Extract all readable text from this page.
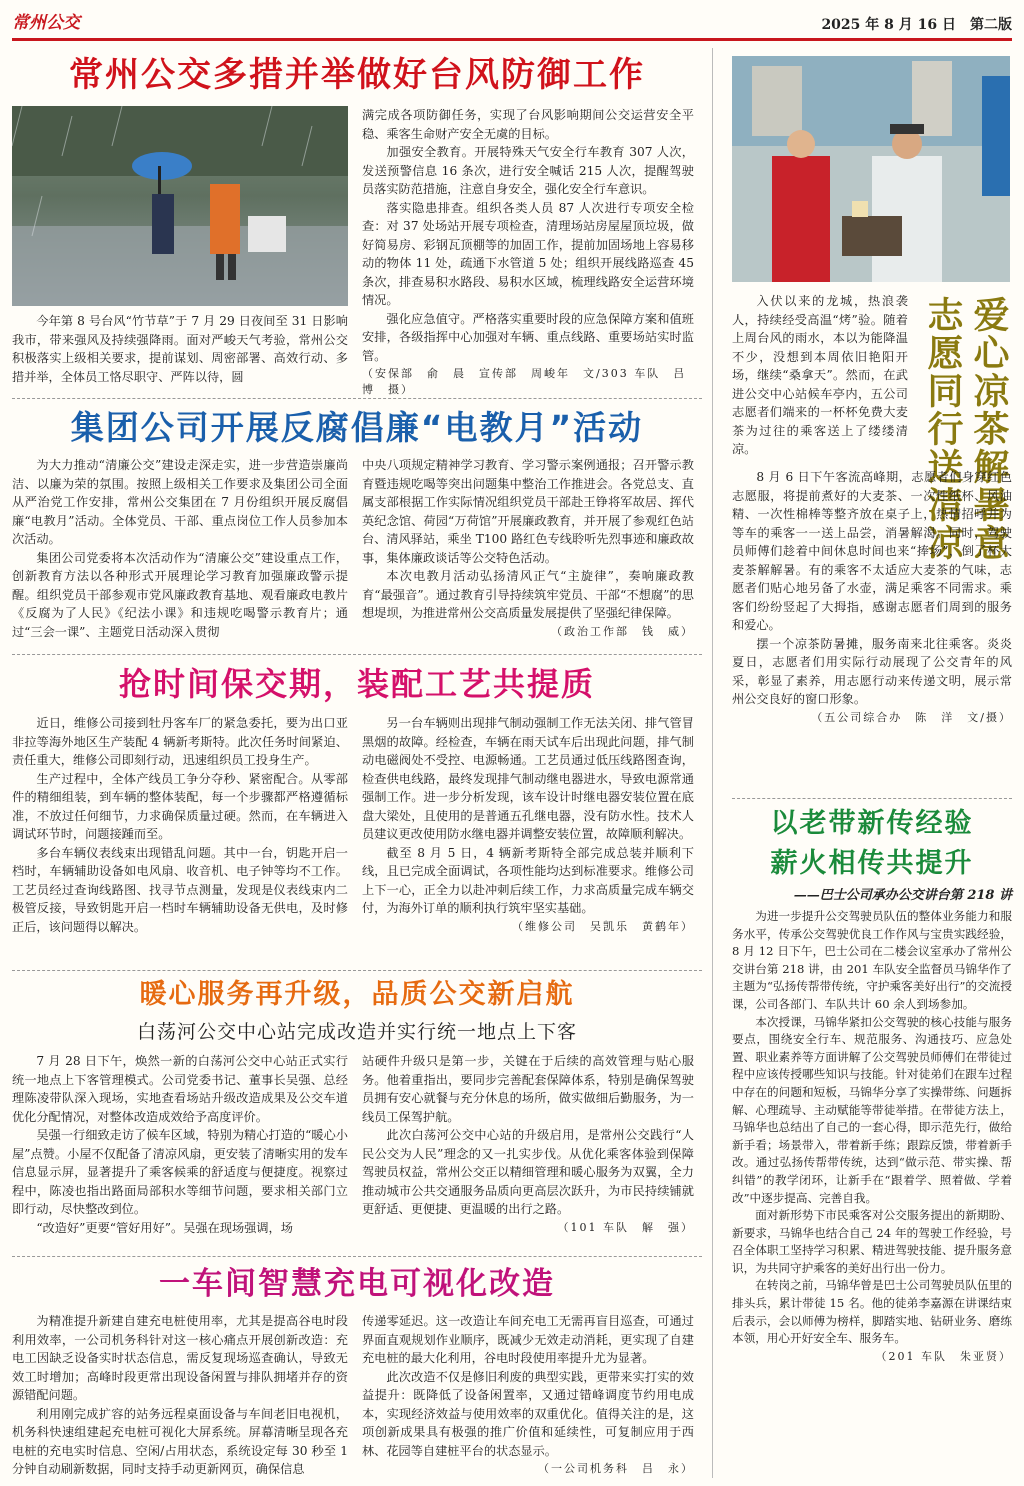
常州公交	2025 年 8 月 16 日　第二版
常州公交多措并举做好台风防御工作

今年第 8 号台风“竹节草”于 7 月 29 日夜间至 31 日影响我市，带来强风及持续强降雨。面对严峻天气考验，常州公交积极落实上级相关要求，提前谋划、周密部署、高效行动、多措并举，全体员工恪尽职守、严阵以待，圆

满完成各项防御任务，实现了台风影响期间公交运营安全平稳、乘客生命财产安全无虞的目标。

加强安全教育。开展特殊天气安全行车教育 307 人次，发送预警信息 16 条次，进行安全喊话 215 人次，提醒驾驶员落实防范措施，注意自身安全，强化安全行车意识。

落实隐患排查。组织各类人员 87 人次进行专项安全检查：对 37 处场站开展专项检查，清理场站房屋屋顶垃圾，做好简易房、彩钢瓦顶棚等的加固工作，提前加固场地上容易移动的物体 11 处，疏通下水管道 5 处；组织开展线路巡查 45 条次，排查易积水路段、易积水区域，梳理线路安全运营环境情况。

强化应急值守。严格落实重要时段的应急保障方案和值班安排，各级指挥中心加强对车辆、重点线路、重要场站实时监管。

（安保部　俞　晨　宣传部　周峻年　文/303 车队　吕　博　摄）

集团公司开展反腐倡廉“电教月”活动

为大力推动“清廉公交”建设走深走实，进一步营造崇廉尚洁、以廉为荣的氛围。按照上级相关工作要求及集团公司全面从严治党工作安排，常州公交集团在 7 月份组织开展反腐倡廉“电教月”活动。全体党员、干部、重点岗位工作人员参加本次活动。

集团公司党委将本次活动作为“清廉公交”建设重点工作，创新教育方法以各种形式开展理论学习教育加强廉政警示提醒。组织党员干部参观市党风廉政教育基地、观看廉政电教片《反腐为了人民》《纪法小课》和违规吃喝警示教育片；通过“三会一课”、主题党日活动深入贯彻

中央八项规定精神学习教育、学习警示案例通报；召开警示教育暨违规吃喝等突出问题集中整治工作推进会。各党总支、直属支部根据工作实际情况组织党员干部赴王铮将军故居、挥代英纪念馆、荷园“万荷馆”开展廉政教育，并开展了参观红色站台、清风驿站，乘坐 T100 路红色专线聆听先烈事迹和廉政故事，集体廉政谈话等公交特色活动。

本次电教月活动弘扬清风正气“主旋律”，奏响廉政教育“最强音”。通过教育引导持续筑牢党员、干部“不想腐”的思想堤坝，为推进常州公交高质量发展提供了坚强纪律保障。

（政治工作部　钱　威）

抢时间保交期，装配工艺共提质

近日，维修公司接到牡丹客车厂的紧急委托，要为出口亚非拉等海外地区生产装配 4 辆新考斯特。此次任务时间紧迫、责任重大，维修公司即刻行动，迅速组织员工投身生产。

生产过程中，全体产线员工争分夺秒、紧密配合。从零部件的精细组装，到车辆的整体装配，每一个步骤都严格遵循标准，不放过任何细节，力求确保质量过硬。然而，在车辆进入调试环节时，问题接踵而至。

多台车辆仪表线束出现错乱问题。其中一台，钥匙开启一档时，车辆辅助设备如电风扇、收音机、电子钟等均不工作。工艺员经过查询线路图、找寻节点测量，发现是仪表线束内二极管反接，导致钥匙开启一档时车辆辅助设备无供电，及时修正后，该问题得以解决。

另一台车辆则出现排气制动强制工作无法关闭、排气管冒黑烟的故障。经检查，车辆在雨天试车后出现此问题，排气制动电磁阀处不受控、电源畅通。工艺员通过低压线路图查询，检查供电线路，最终发现排气制动继电器进水，导致电源常通强制工作。进一步分析发现，该车设计时继电器安装位置在底盘大梁处，且使用的是普通五孔继电器，没有防水性。技术人员建议更改使用防水继电器并调整安装位置，故障顺利解决。

截至 8 月 5 日，4 辆新考斯特全部完成总装并顺利下线，且已完成全面调试，各项性能均达到标准要求。维修公司上下一心，正全力以赴冲刺后续工作，力求高质量完成车辆交付，为海外订单的顺利执行筑牢坚实基础。

（维修公司　吴凯乐　黄鹤年）

暖心服务再升级，品质公交新启航
白荡河公交中心站完成改造并实行统一地点上下客

7 月 28 日下午，焕然一新的白荡河公交中心站正式实行统一地点上下客管理模式。公司党委书记、董事长吴强、总经理陈凌带队深入现场，实地查看场站升级改造成果及公交车道优化分配情况，对整体改造成效给予高度评价。

吴强一行细致走访了候车区域，特别为精心打造的“暖心小屋”点赞。小屋不仅配备了清凉风扇，更安装了清晰实用的发车信息显示屏，显著提升了乘客候乘的舒适度与便捷度。视察过程中，陈凌也指出路面局部积水等细节问题，要求相关部门立即行动，尽快整改到位。

“改造好”更要“管好用好”。吴强在现场强调，场

站硬件升级只是第一步，关键在于后续的高效管理与贴心服务。他着重指出，要同步完善配套保障体系，特别是确保驾驶员拥有安心就餐与充分休息的场所，做实做细后勤服务，为一线员工保驾护航。

此次白荡河公交中心站的升级启用，是常州公交践行“人民公交为人民”理念的又一扎实步伐。从优化乘客体验到保障驾驶员权益，常州公交正以精细管理和暖心服务为双翼，全力推动城市公共交通服务品质向更高层次跃升，为市民持续铺就更舒适、更便捷、更温暖的出行之路。

（101 车队　解　强）

一车间智慧充电可视化改造

为精准提升新建自建充电桩使用率，尤其是提高谷电时段利用效率，一公司机务科针对这一核心痛点开展创新改造：充电工因缺乏设备实时状态信息，需反复现场巡查确认，导致无效工时增加；高峰时段更常出现设备闲置与排队拥堵并存的资源错配问题。

利用刚完成扩容的站务远程桌面设备与车间老旧电视机，机务科快速组建起充电桩可视化大屏系统。屏幕清晰呈现各充电桩的充电实时信息、空闲/占用状态，系统设定每 30 秒至 1 分钟自动刷新数据，同时支持手动更新网页，确保信息

传递零延迟。这一改造让车间充电工无需再盲目巡查，可通过界面直观规划作业顺序，既减少无效走动消耗，更实现了自建充电桩的最大化利用，谷电时段使用率提升尤为显著。

此次改造不仅是修旧利废的典型实践，更带来实打实的效益提升：既降低了设备闲置率，又通过错峰调度节约用电成本，实现经济效益与使用效率的双重优化。值得关注的是，这项创新成果具有极强的推广价值和延续性，可复制应用于西林、花园等自建桩平台的状态显示。

（一公司机务科　吕　永）

入伏以来的龙城，热浪袭人，持续经受高温“烤”验。随着上周台风的雨水，本以为能降温不少，没想到本周依旧艳阳开场，继续“桑拿天”。然而，在武进公交中心站候车亭内，五公司志愿者们端来的一杯杯免费大麦茶为过往的乘客送上了缕缕清凉。	爱心凉茶解暑意
志愿同行送清凉

8 月 6 日下午客流高峰期，志愿者们身穿红色志愿服，将提前煮好的大麦茶、一次性纸杯、风油精、一次性棉棒等整齐放在桌子上，热情招呼并为等车的乘客一一送上品尝，消暑解渴。同时，驾驶员师傅们趁着中间休息时间也来“捧场”，倒了杯大麦茶解解暑。有的乘客不太适应大麦茶的气味，志愿者们贴心地另备了水壶，满足乘客不同需求。乘客们纷纷竖起了大拇指，感谢志愿者们周到的服务和爱心。

摆一个凉茶防暑摊，服务南来北往乘客。炎炎夏日，志愿者们用实际行动展现了公交青年的风采，彰显了素养，用志愿行动来传递文明，展示常州公交良好的窗口形象。

（五公司综合办　陈　洋　文/摄）

以老带新传经验
薪火相传共提升
——巴士公司承办公交讲台第 218 讲

为进一步提升公交驾驶员队伍的整体业务能力和服务水平，传承公交驾驶优良工作作风与宝贵实践经验，8 月 12 日下午，巴士公司在二楼会议室承办了常州公交讲台第 218 讲，由 201 车队安全监督员马锦华作了主题为“弘扬传帮带传统，守护乘客美好出行”的交流授课，公司各部门、车队共计 60 余人到场参加。

本次授课，马锦华紧扣公交驾驶的核心技能与服务要点，围绕安全行车、规范服务、沟通技巧、应急处置、职业素养等方面讲解了公交驾驶员师傅们在带徒过程中应该传授哪些知识与技能。针对徒弟们在跟车过程中存在的问题和短板，马锦华分享了实操带练、问题拆解、心理疏导、主动赋能等带徒举措。在带徒方法上，马锦华也总结出了自己的一套心得，即示范先行，做给新手看；场景带入，带着新手练；跟踪反馈，带着新手改。通过弘扬传帮带传统，达到“做示范、带实操、帮纠错”的教学闭环，让新手在“跟着学、照着做、学着改”中逐步提高、完善自我。

面对新形势下市民乘客对公交服务提出的新期盼、新要求，马锦华也结合自己 24 年的驾驶工作经验，号召全体职工坚持学习积累、精进驾驶技能、提升服务意识，为共同守护乘客的美好出行出一份力。

在转岗之前，马锦华曾是巴士公司驾驶员队伍里的排头兵，累计带徒 15 名。他的徒弟李嘉源在讲课结束后表示，会以师傅为榜样，脚踏实地、钻研业务、磨练本领，用心开好安全车、服务车。

（201 车队　朱亚贤）
